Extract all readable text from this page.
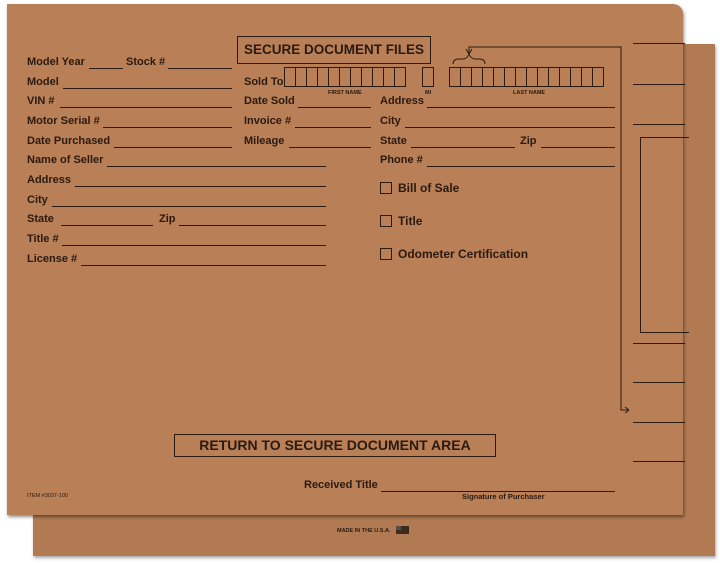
MADE IN THE U.S.A.
SECURE DOCUMENT FILES
Model Year	Stock #
Model
VIN #
Motor Serial #
Date Purchased
Name of Seller
Address
City
State	Zip
Title #
License #
Sold To
FIRST NAME	MI	LAST NAME
Date Sold
Invoice #
Mileage
Address
City
State	Zip
Phone #
Bill of Sale
Title
Odometer Certification
RETURN TO SECURE DOCUMENT AREA
Received Title
Signature of Purchaser
ITEM #3037-100
